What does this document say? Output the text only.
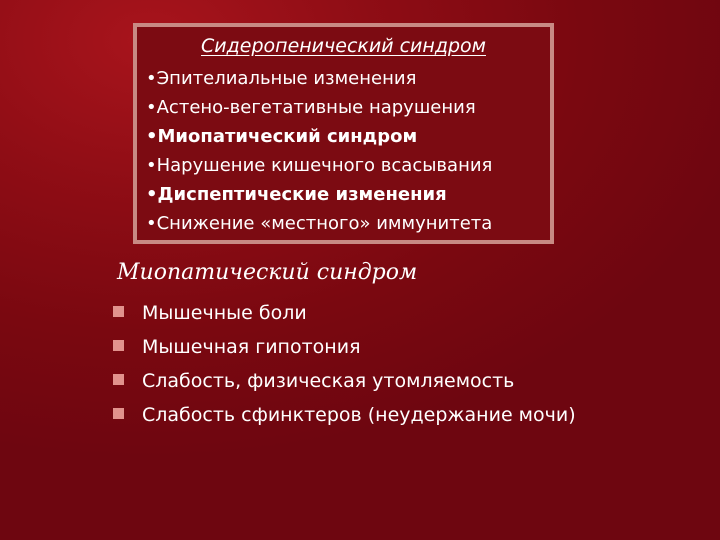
Сидеропенический синдром
•Эпителиальные изменения
•Астено-вегетативные нарушения
•Миопатический синдром
•Нарушение кишечного всасывания
•Диспептические изменения
•Снижение «местного» иммунитета
Миопатический синдром
Мышечные боли
Мышечная гипотония
Слабость, физическая утомляемость
Слабость сфинктеров (неудержание мочи)
